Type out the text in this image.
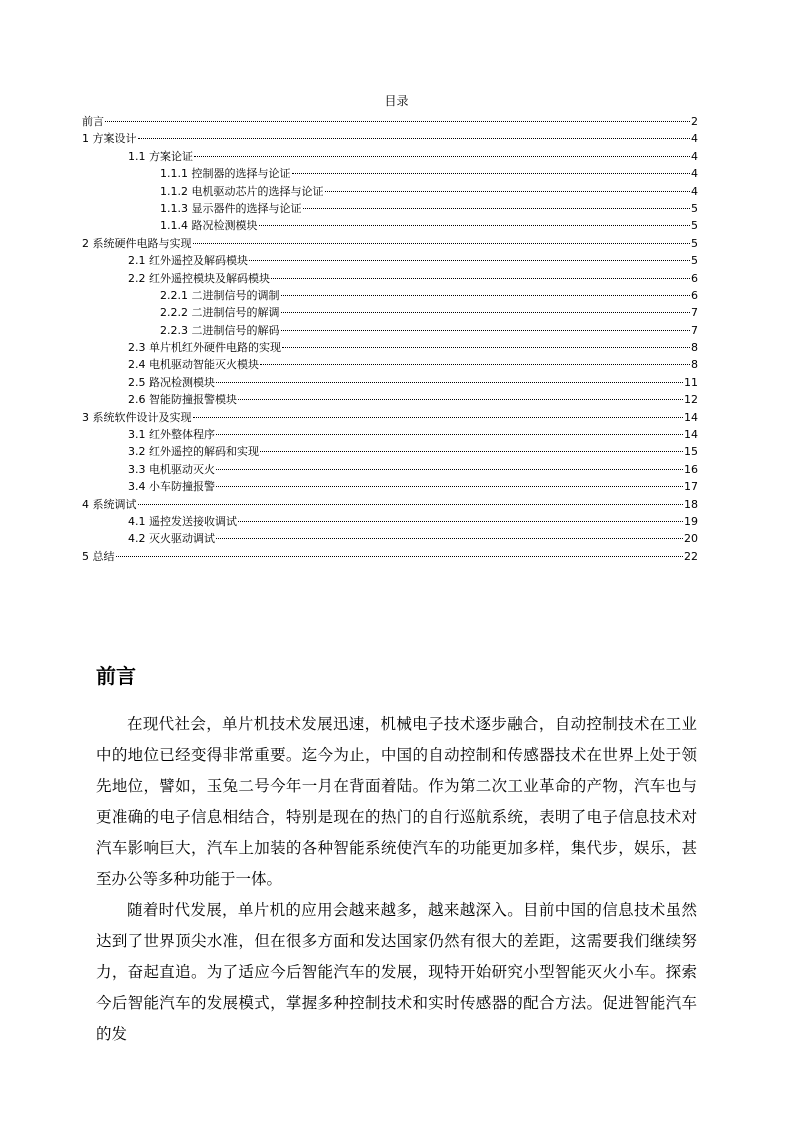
目录
前言	2
1 方案设计	4
1.1 方案论证	4
1.1.1 控制器的选择与论证	4
1.1.2 电机驱动芯片的选择与论证	4
1.1.3 显示器件的选择与论证	5
1.1.4 路况检测模块	5
2 系统硬件电路与实现	5
2.1 红外遥控及解码模块	5
2.2 红外遥控模块及解码模块	6
2.2.1 二进制信号的调制	6
2.2.2 二进制信号的解调	7
2.2.3 二进制信号的解码	7
2.3 单片机红外硬件电路的实现	8
2.4 电机驱动智能灭火模块	8
2.5 路况检测模块	11
2.6 智能防撞报警模块	12
3 系统软件设计及实现	14
3.1 红外整体程序	14
3.2 红外遥控的解码和实现	15
3.3 电机驱动灭火	16
3.4 小车防撞报警	17
4 系统调试	18
4.1 遥控发送接收调试	19
4.2 灭火驱动调试	20
5 总结	22
前言

在现代社会，单片机技术发展迅速，机械电子技术逐步融合，自动控制技术在工业中的地位已经变得非常重要。迄今为止，中国的自动控制和传感器技术在世界上处于领先地位，譬如，玉兔二号今年一月在背面着陆。作为第二次工业革命的产物，汽车也与更准确的电子信息相结合，特别是现在的热门的自行巡航系统，表明了电子信息技术对汽车影响巨大，汽车上加装的各种智能系统使汽车的功能更加多样，集代步，娱乐，甚至办公等多种功能于一体。

随着时代发展，单片机的应用会越来越多，越来越深入。目前中国的信息技术虽然达到了世界顶尖水准，但在很多方面和发达国家仍然有很大的差距，这需要我们继续努力，奋起直追。为了适应今后智能汽车的发展，现特开始研究小型智能灭火小车。探索今后智能汽车的发展模式，掌握多种控制技术和实时传感器的配合方法。促进智能汽车的发
